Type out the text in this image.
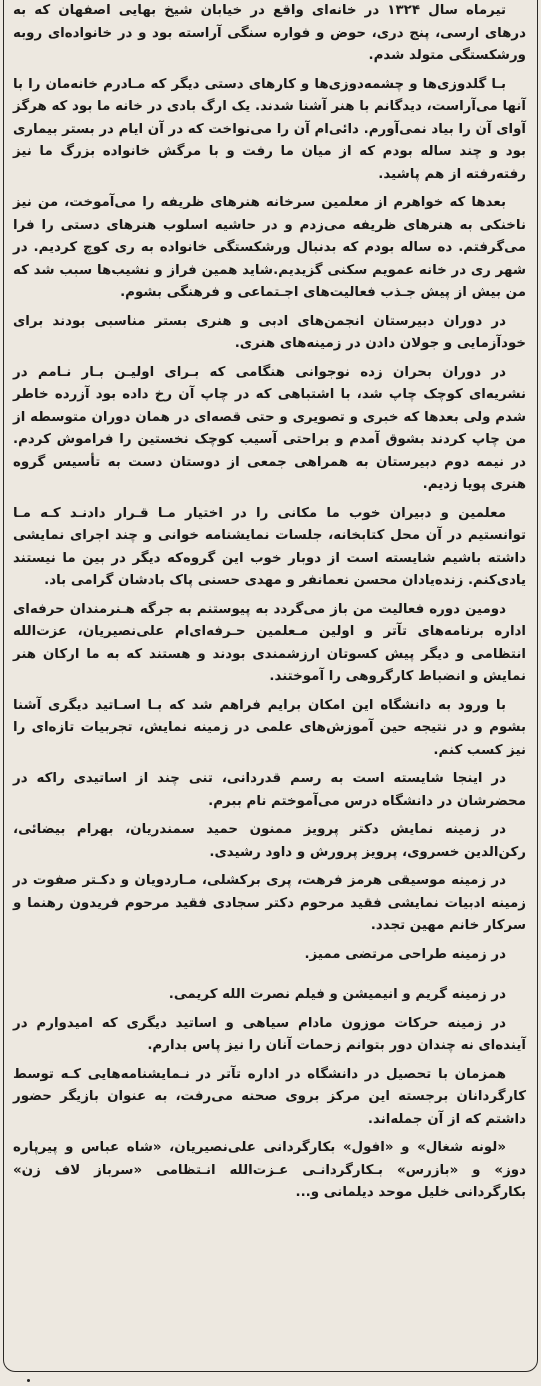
تیرماه سال ۱۳۲۴ در خانه‌ای واقع در خیابان شیخ بهایی اصفهان که به درهای ارسی، پنج دری، حوض و فواره سنگی آراسته بود و در خانواده‌ای روبه ورشکستگی متولد شدم.

بـا گلدوزی‌ها و چشمه‌دوزی‌ها و کارهای دستی دیگر که مـادرم خانه‌مان را با آنها می‌آراست، دیدگانم با هنر آشنا شدند. یک ارگ بادی در خانه ما بود که هرگز آوای آن را بیاد نمی‌آورم. دائی‌ام آن را می‌نواخت که در آن ایام در بستر بیماری بود و چند ساله بودم که از میان ما رفت و با مرگش خانواده بزرگ ما نیز رفته‌رفته از هم پاشید.

بعدها که خواهرم از معلمین سرخانه هنرهای ظریفه را می‌آموخت، من نیز ناخنکی به هنرهای ظریفه می‌زدم و در حاشیه اسلوب هنرهای دستی را فرا می‌گرفتم. ده ساله بودم که بدنبال ورشکستگی خانواده به ری کوچ کردیم. در شهر ری در خانه عمویم سکنی گزیدیم.شاید همین فراز و نشیب‌ها سبب شد که من بیش از پیش جـذب فعالیت‌های اجـتماعی و فرهنگی بشوم.

در دوران دبیرستان انجمن‌های ادبی و هنری بستر مناسبی بودند برای خودآزمایی و جولان دادن در زمینه‌های هنری.

در دوران بحران زده نوجوانی هنگامی که بـرای اولیـن بـار نـامم در نشریه‌ای کوچک چاپ شد، با اشتباهی که در چاپ آن رخ داده بود آزرده خاطر شدم ولی بعدها که خبری و تصویری و حتی قصه‌ای در همان دوران متوسطه از من چاپ کردند بشوق آمدم و براحتی آسیب کوچک نخستین را فراموش کردم. در نیمه دوم دبیرستان به همراهی جمعی از دوستان دست به تأسیس گروه هنری پویا زدیم.

معلمین و دبیران خوب ما مکانی را در اختیار مـا قـرار دادنـد کـه مـا توانستیم در آن محل کتابخانه، جلسات نمایشنامه خوانی و چند اجرای نمایشی داشته باشیم شایسته است از دوبار خوب این گروه‌که دیگر در بین ما نیستند یادی‌کنم. زنده‌یادان محسن نعمانفر و مهدی حسنی پاک بادشان گرامی باد.

دومین دوره فعالیت من باز می‌گردد به پیوستنم به جرگه هـنرمندان حرفه‌ای اداره برنامه‌های تآتر و اولین مـعلمین حـرفه‌ای‌ام علی‌نصیریان، عزت‌الله انتظامی و دیگر پیش کسوتان ارزشمندی بودند و هستند که به ما ارکان هنر نمایش و انضباط کارگروهی را آموختند.

با ورود به دانشگاه این امکان برایم فراهم شد که بـا اسـاتید دیگری آشنا بشوم و در نتیجه حین آموزش‌های علمی در زمینه نمایش، تجربیات تازه‌ای را نیز کسب کنم.

در اینجا شایسته است به رسم قدردانی، تنی چند از اساتیدی راکه در محضرشان در دانشگاه درس می‌آموختم نام ببرم.

در زمینه نمایش دکتر پرویز ممنون حمید سمندریان، بهرام بیضائی، رکن‌الدین خسروی، پرویز پرورش و داود رشیدی.

در زمینه موسیقی هرمز فرهت، پری برکشلی، مـاردویان و دکـتر صفوت در زمینه ادبیات نمایشی فقید مرحوم دکتر سجادی فقید مرحوم فریدون رهنما و سرکار خانم مهین تجدد.

در زمینه طراحی مرتضی ممیز.

در زمینه گریم و انیمیشن و فیلم نصرت الله کریمی.

در زمینه حرکات موزون مادام سیاهی و اساتید دیگری که امیدوارم در آینده‌ای نه چندان دور بتوانم زحمات آنان را نیز پاس بدارم.

همزمان با تحصیل در دانشگاه در اداره تآتر در نـمایشنامه‌هایی کـه توسط کارگردانان برجسته این مرکز بروی صحنه می‌رفت، به عنوان بازیگر حضور داشتم که از آن جمله‌اند.

«لونه شغال» و «افول» بکارگردانی علی‌نصیریان، «شاه عباس و پیرپاره دوز» و «بازرس» بـکارگردانـی عـزت‌الله انـتظامی «سرباز لاف زن» بکارگردانی خلیل موحد دیلمانی و...
